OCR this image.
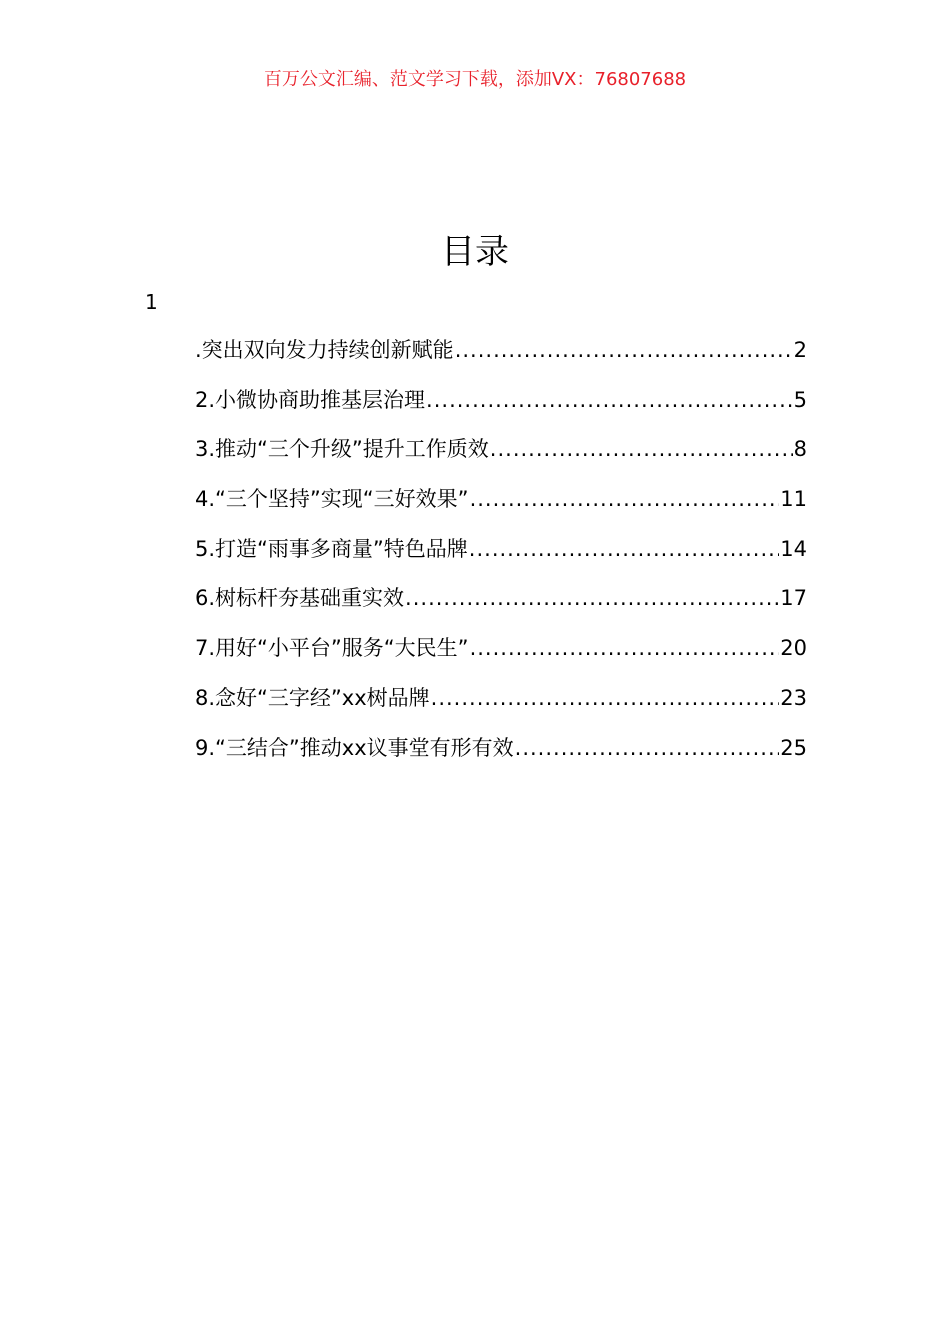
百万公文汇编、范文学习下载，添加VX：76807688
目录
1
.突出双向发力持续创新赋能 .....	2
2.小微协商助推基层治理 .....	5
3.推动“三个升级”提升工作质效 .....	8
4.“三个坚持”实现“三好效果” .....	11
5.打造“雨事多商量”特色品牌 .....	14
6.树标杆夯基础重实效 .....	17
7.用好“小平台”服务“大民生” .....	20
8.念好“三字经”xx树品牌 .....	23
9.“三结合”推动xx议事堂有形有效 .....	25
